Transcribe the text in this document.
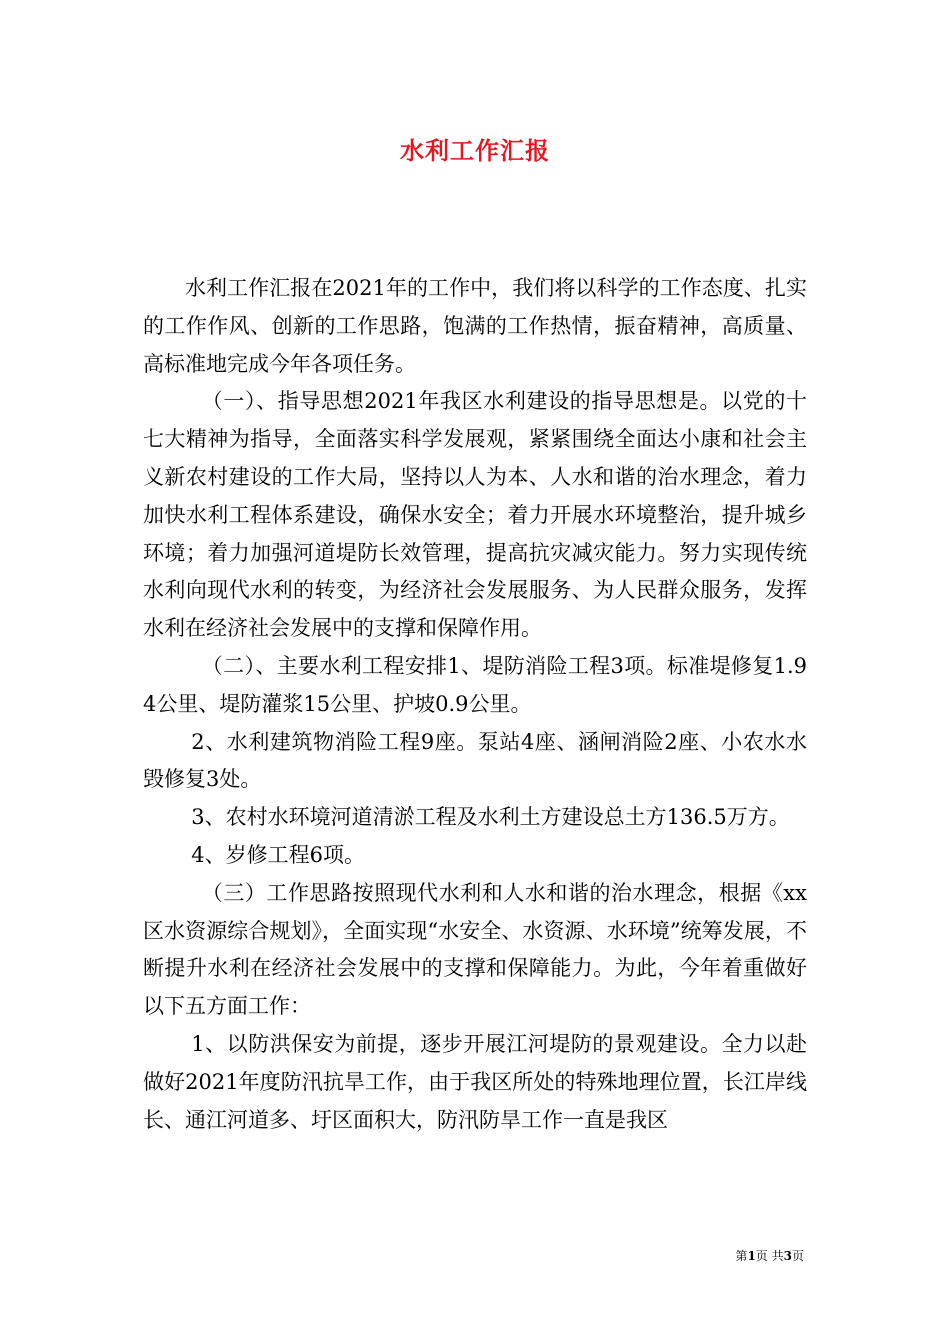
水利工作汇报

水利工作汇报在2021年的工作中，我们将以科学的工作态度、扎实的工作作风、创新的工作思路，饱满的工作热情，振奋精神，高质量、高标准地完成今年各项任务。

（一）、指导思想2021年我区水利建设的指导思想是。以党的十七大精神为指导，全面落实科学发展观，紧紧围绕全面达小康和社会主义新农村建设的工作大局，坚持以人为本、人水和谐的治水理念，着力加快水利工程体系建设，确保水安全；着力开展水环境整治，提升城乡环境；着力加强河道堤防长效管理，提高抗灾减灾能力。努力实现传统水利向现代水利的转变，为经济社会发展服务、为人民群众服务，发挥水利在经济社会发展中的支撑和保障作用。

（二）、主要水利工程安排1、堤防消险工程3项。标准堤修复1.94公里、堤防灌浆15公里、护坡0.9公里。

2、水利建筑物消险工程9座。泵站4座、涵闸消险2座、小农水水毁修复3处。

3、农村水环境河道清淤工程及水利土方建设总土方136.5万方。

4、岁修工程6项。

（三）工作思路按照现代水利和人水和谐的治水理念，根据《xx区水资源综合规划》，全面实现“水安全、水资源、水环境”统筹发展，不断提升水利在经济社会发展中的支撑和保障能力。为此，今年着重做好以下五方面工作：

1、以防洪保安为前提，逐步开展江河堤防的景观建设。全力以赴做好2021年度防汛抗旱工作，由于我区所处的特殊地理位置，长江岸线长、通江河道多、圩区面积大，防汛防旱工作一直是我区

第1页 共3页
